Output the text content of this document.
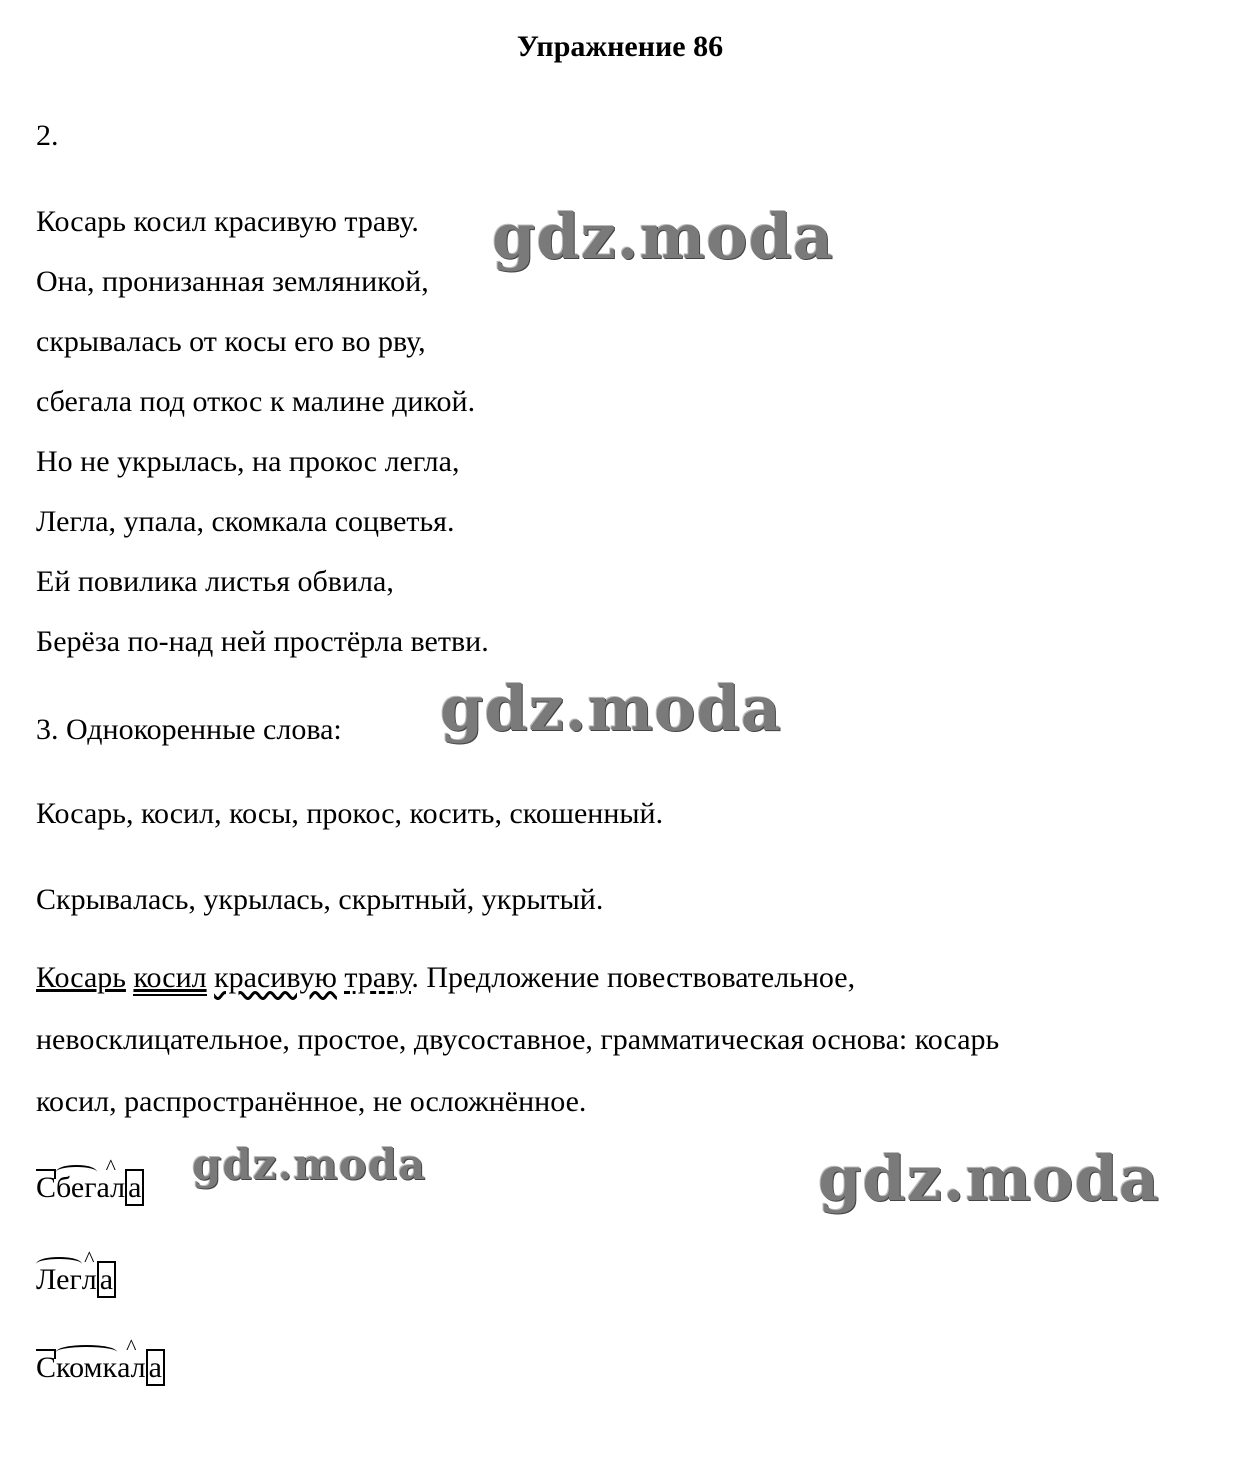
Упражнение 86
2.
Косарь косил красивую траву.
Она, пронизанная земляникой,
скрывалась от косы его во рву,
сбегала под откос к малине дикой.
Но не укрылась, на прокос легла,
Легла, упала, скомкала соцветья.
Ей повилика листья обвила,
Берёза по-над ней простёрла ветви.
3. Однокоренные слова:
Косарь, косил, косы, прокос, косить, скошенный.
Скрывалась, укрылась, скрытный, укрытый.
Косарь косил красивую траву. Предложение повествовательное,
невосклицательное, простое, двусоставное, грамматическая основа: косарь
косил, распространённое, не осложнённое.
Сбег^ ал а
Лег^ л а
Скомк^ ал а
gdz.moda
gdz.moda
gdz.moda	gdz.moda
